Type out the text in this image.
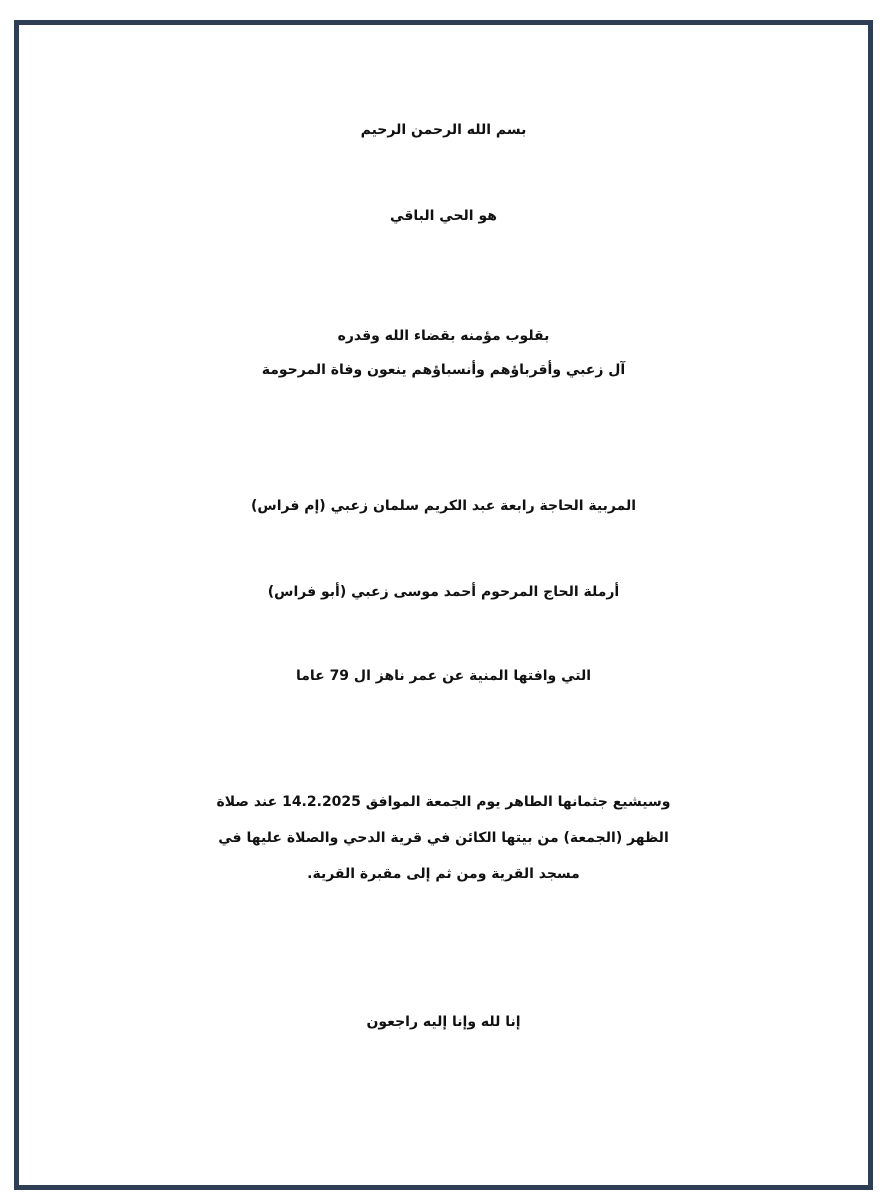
بسم الله الرحمن الرحيم
هو الحي الباقي
بقلوب مؤمنه بقضاء الله وقدره
آل زعبي وأقرباؤهم وأنسباؤهم ينعون وفاة المرحومة
المربية الحاجة رابعة عبد الكريم سلمان زعبي (إم فراس)
أرملة الحاج المرحوم أحمد موسى زعبي (أبو فراس)
التي وافتها المنية عن عمر ناهز ال 79 عاما
وسيشيع جثمانها الطاهر يوم الجمعة الموافق 14.2.2025 عند صلاة
الظهر (الجمعة) من بيتها الكائن في قرية الدحي والصلاة عليها في
مسجد القرية ومن ثم إلى مقبرة القرية.
إنا لله وإنا إليه راجعون
